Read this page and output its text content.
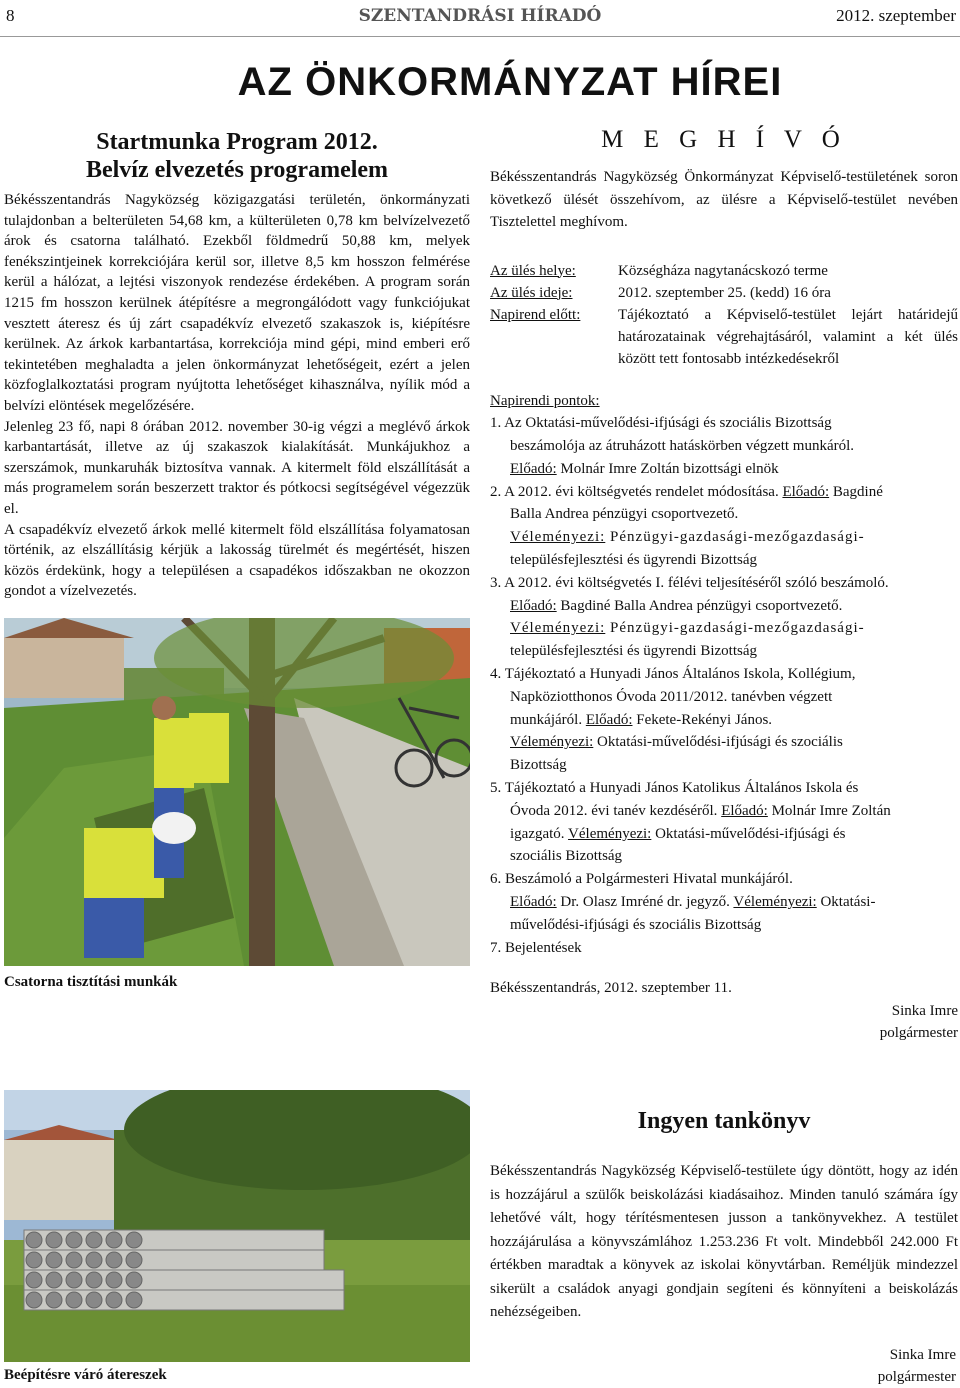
8	SZENTANDRÁSI HÍRADÓ	2012. szeptember
AZ ÖNKORMÁNYZAT HÍREI
Startmunka Program 2012.
Belvíz elvezetés programelem

Békésszentandrás Nagyközség közigazgatási területén, önkormányzati tulajdonban a belterületen 54,68 km, a külterületen 0,78 km belvízelvezető árok és csatorna található. Ezekből földmedrű 50,88 km, melyek fenékszintjeinek korrekciójára kerül sor, illetve 8,5 km hosszon felmérése kerül a hálózat, a lejtési viszonyok rendezése érdekében. A program során 1215 fm hosszon kerülnek átépítésre a megrongálódott vagy funkciójukat vesztett áteresz és új zárt csapadékvíz elvezető szakaszok is, kiépítésre kerülnek. Az árkok karbantartása, korrekciója mind gépi, mind emberi erő tekintetében meghaladta a jelen önkormányzat lehetőségeit, ezért a jelen közfoglalkoztatási program nyújtotta lehetőséget kihasználva, nyílik mód a belvízi elöntések megelőzésére.

Jelenleg 23 fő, napi 8 órában 2012. november 30-ig végzi a meglévő árkok karbantartását, illetve az új szakaszok kialakítását. Munkájukhoz a szerszámok, munkaruhák biztosítva vannak. A kitermelt föld elszállítását a más programelem során beszerzett traktor és pótkocsi segítségével végezzük el.

A csapadékvíz elvezető árkok mellé kitermelt föld elszállítása folyamatosan történik, az elszállításig kérjük a lakosság türelmét és megértését, hiszen közös érdekünk, hogy a településen a csapadékos időszakban ne okozzon gondot a vízelvezetés.

Csatorna tisztítási munkák
Beépítésre váró átereszek
M E G H Í V Ó
Békésszentandrás Nagyközség Önkormányzat Képviselő-testületének soron következő ülését összehívom, az ülésre a Képviselő-testület nevében Tisztelettel meghívom.
Az ülés helye:	Községháza nagytanácskozó terme
Az ülés ideje:	2012. szeptember 25. (kedd) 16 óra
Napirend előtt:	Tájékoztató a Képviselő-testület lejárt határidejű határozatainak végrehajtásáról, valamint a két ülés között tett fontosabb intézkedésekről
Napirendi pontok:
1. Az Oktatási-művelődési-ifjúsági és szociális Bizottság
beszámolója az átruházott hatáskörben végzett munkáról.
Előadó: Molnár Imre Zoltán bizottsági elnök
2. A 2012. évi költségvetés rendelet módosítása. Előadó: Bagdiné
Balla Andrea pénzügyi csoportvezető.
Véleményezi: Pénzügyi-gazdasági-mezőgazdasági-
településfejlesztési és ügyrendi Bizottság
3. A 2012. évi költségvetés I. félévi teljesítéséről szóló beszámoló.
Előadó: Bagdiné Balla Andrea pénzügyi csoportvezető.
Véleményezi: Pénzügyi-gazdasági-mezőgazdasági-
településfejlesztési és ügyrendi Bizottság
4. Tájékoztató a Hunyadi János Általános Iskola, Kollégium,
Napköziotthonos Óvoda 2011/2012. tanévben végzett
munkájáról. Előadó: Fekete-Rekényi János.
Véleményezi: Oktatási-művelődési-ifjúsági és szociális
Bizottság
5. Tájékoztató a Hunyadi János Katolikus Általános Iskola és
Óvoda 2012. évi tanév kezdéséről. Előadó: Molnár Imre Zoltán
igazgató. Véleményezi: Oktatási-művelődési-ifjúsági és
szociális Bizottság
6. Beszámoló a Polgármesteri Hivatal munkájáról.
Előadó: Dr. Olasz Imréné dr. jegyző. Véleményezi: Oktatási-
művelődési-ifjúsági és szociális Bizottság
7. Bejelentések
Békésszentandrás, 2012. szeptember 11.
Sinka Imre
polgármester
Ingyen tankönyv
Békésszentandrás Nagyközség Képviselő-testülete úgy döntött, hogy az idén is hozzájárul a szülők beiskolázási kiadásaihoz. Minden tanuló számára így lehetővé vált, hogy térítésmentesen jusson a tankönyvekhez. A testület hozzájárulása a könyvszámlához 1.253.236 Ft volt. Mindebből 242.000 Ft értékben maradtak a könyvek az iskolai könyvtárban. Reméljük mindezzel sikerült a családok anyagi gondjain segíteni és könnyíteni a beiskolázás nehézségeiben.
Sinka Imre
polgármester
